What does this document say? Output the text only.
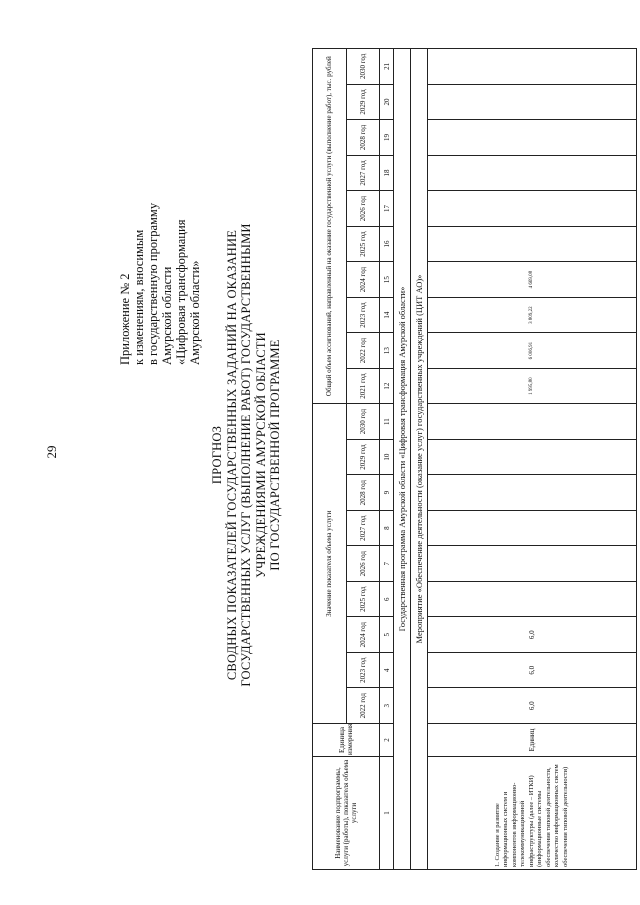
29
Приложение № 2 к изменениям, вносимым в государственную программу Амурской области «Цифровая трансформация Амурской области»
ПРОГНОЗ СВОДНЫХ ПОКАЗАТЕЛЕЙ ГОСУДАРСТВЕННЫХ ЗАДАНИЙ НА ОКАЗАНИЕ ГОСУДАРСТВЕННЫХ УСЛУГ (ВЫПОЛНЕНИЕ РАБОТ) ГОСУДАРСТВЕННЫМИ УЧРЕЖДЕНИЯМИ АМУРСКОЙ ОБЛАСТИ ПО ГОСУДАРСТВЕННОЙ ПРОГРАММЕ
Наименование подпрограммы, услуги (работы), показателя объема услуги	Единица измерения	Значение показателя объема услуги									Общий объем ассигнований, направленный на оказание государственной услуги (выполнение работ), тыс. рублей									
		2022 год	2023 год	2024 год	2025 год	2026 год	2027 год	2028 год	2029 год	2030 год	2021 год	2022 год	2023 год	2024 год	2025 год	2026 год	2027 год	2028 год	2029 год	2030 год
1	2	3	4	5	6	7	8	9	10	11	12	13	14	15	16	17	18	19	20	21
Государственная программа Амурской области «Цифровая трансформация Амурской области»																				
Мероприятие «Обеспечение деятельности (оказание услуг) государственных учреждений (ЦИТ АО)»																				
1. Создание и развитие информационных систем и компонентов информационно-телекоммуникационной инфраструктуры (далее – ИТКИ) (информационные системы обеспечения типовой деятельности, количество информационных систем обеспечения типовой деятельности)	Единиц	6,0	6,0	6,0							1 995,80	6 006,91	3 809,22	4 669,08						
